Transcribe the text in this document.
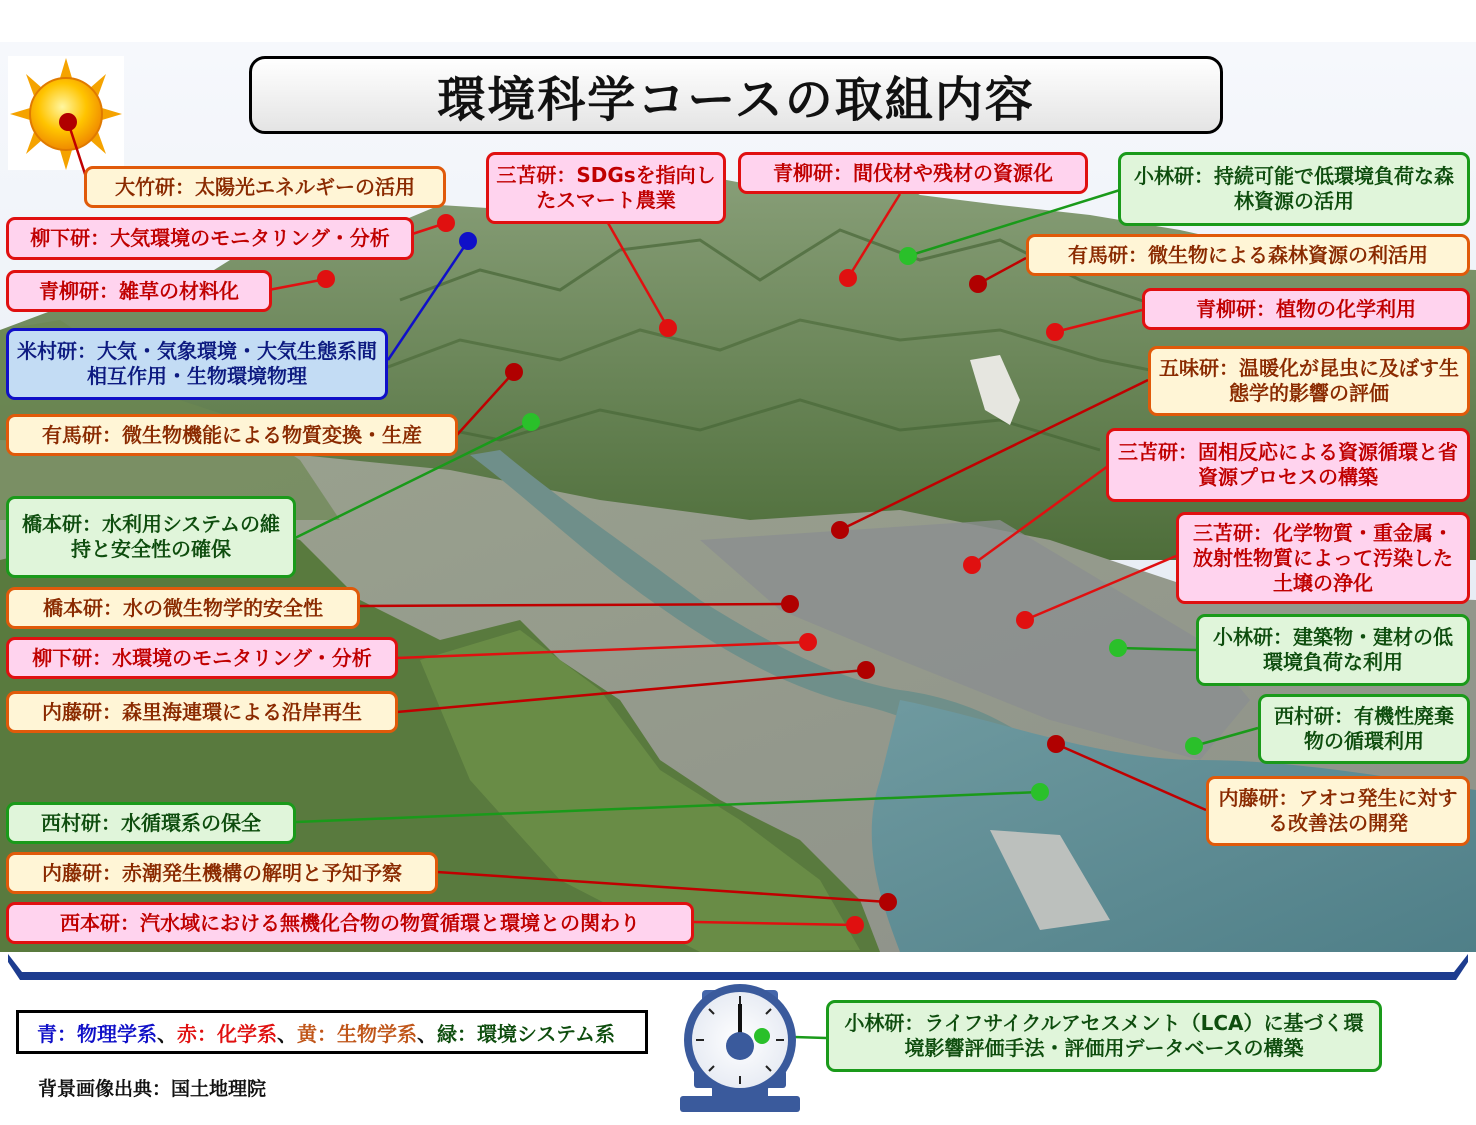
環境科学コースの取組内容
大竹研：太陽光エネルギーの活用
柳下研：大気環境のモニタリング・分析
青柳研：雑草の材料化
米村研：大気・気象環境・大気生態系間相互作用・生物環境物理
有馬研：微生物機能による物質変換・生産
橋本研：水利用システムの維持と安全性の確保
橋本研：水の微生物学的安全性
柳下研：水環境のモニタリング・分析
内藤研：森里海連環による沿岸再生
西村研：水循環系の保全
内藤研：赤潮発生機構の解明と予知予察
西本研：汽水域における無機化合物の物質循環と環境との関わり
三苫研：SDGsを指向したスマート農業
青柳研：間伐材や残材の資源化	小林研：持続可能で低環境負荷な森林資源の活用
有馬研：微生物による森林資源の利活用
青柳研：植物の化学利用
五味研：温暖化が昆虫に及ぼす生態学的影響の評価
三苫研：固相反応による資源循環と省資源プロセスの構築
三苫研：化学物質・重金属・放射性物質によって汚染した土壌の浄化
小林研：建築物・建材の低環境負荷な利用
西村研：有機性廃棄物の循環利用
内藤研：アオコ発生に対する改善法の開発
小林研：ライフサイクルアセスメント（LCA）に基づく環境影響評価手法・評価用データベースの構築
青：物理学系 、 赤：化学系 、 黄：生物学系 、 緑：環境システム系
背景画像出典：国土地理院
